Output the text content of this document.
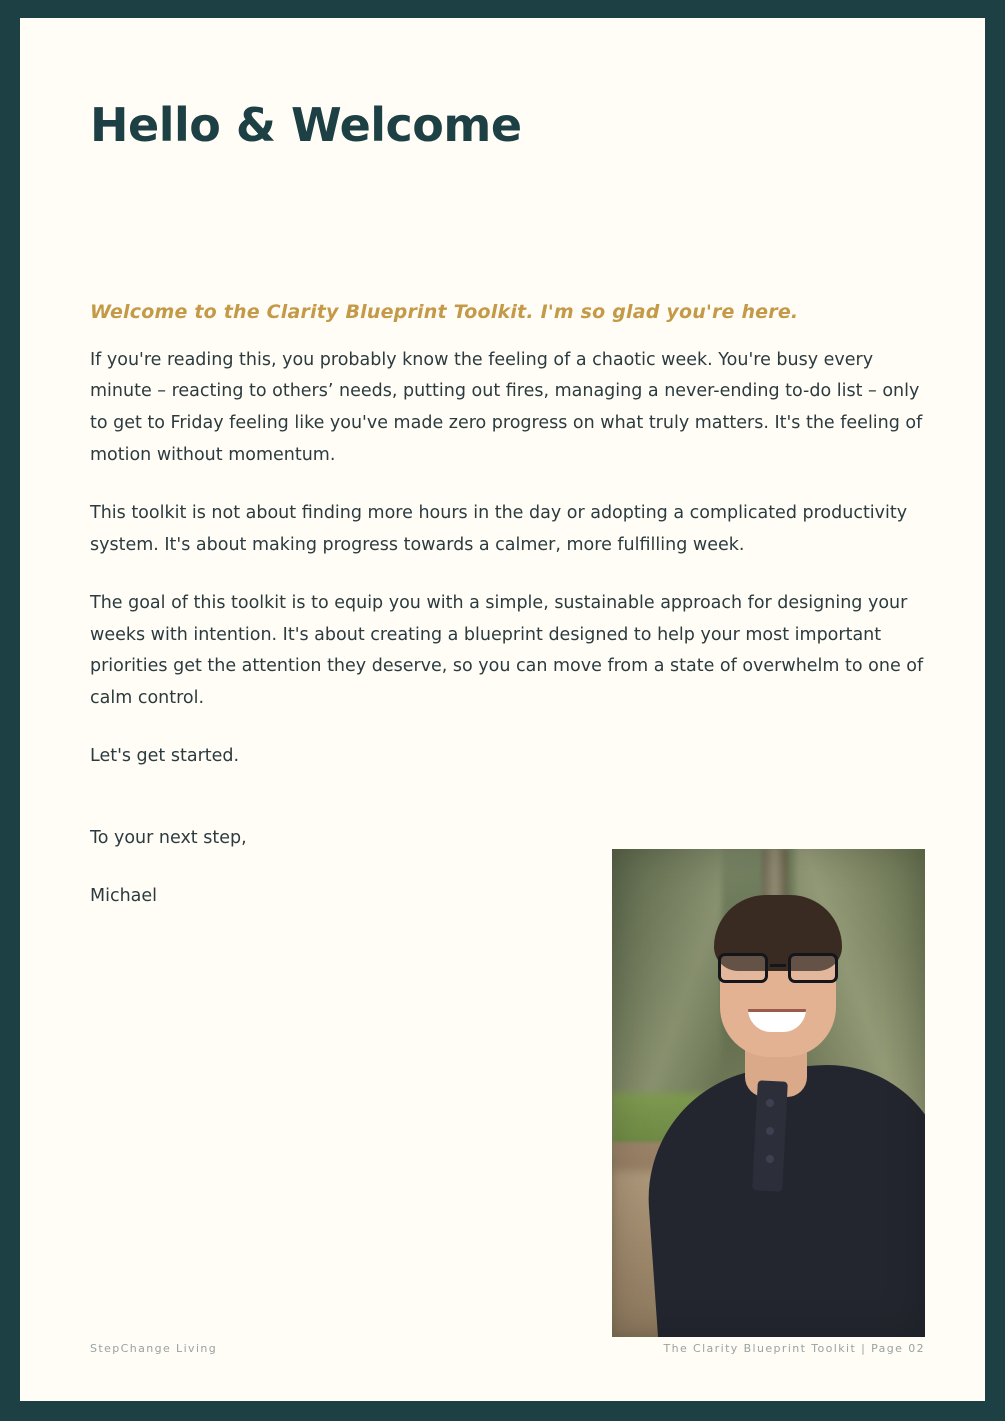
Hello & Welcome

Welcome to the Clarity Blueprint Toolkit. I'm so glad you're here.

If you're reading this, you probably know the feeling of a chaotic week. You're busy every minute – reacting to others’ needs, putting out fires, managing a never-ending to-do list – only to get to Friday feeling like you've made zero progress on what truly matters. It's the feeling of motion without momentum.

This toolkit is not about finding more hours in the day or adopting a complicated productivity system. It's about making progress towards a calmer, more fulfilling week.

The goal of this toolkit is to equip you with a simple, sustainable approach for designing your weeks with intention. It's about creating a blueprint designed to help your most important priorities get the attention they deserve, so you can move from a state of overwhelm to one of calm control.

Let's get started.

To your next step,

Michael

StepChange Living	The Clarity Blueprint Toolkit | Page 02
